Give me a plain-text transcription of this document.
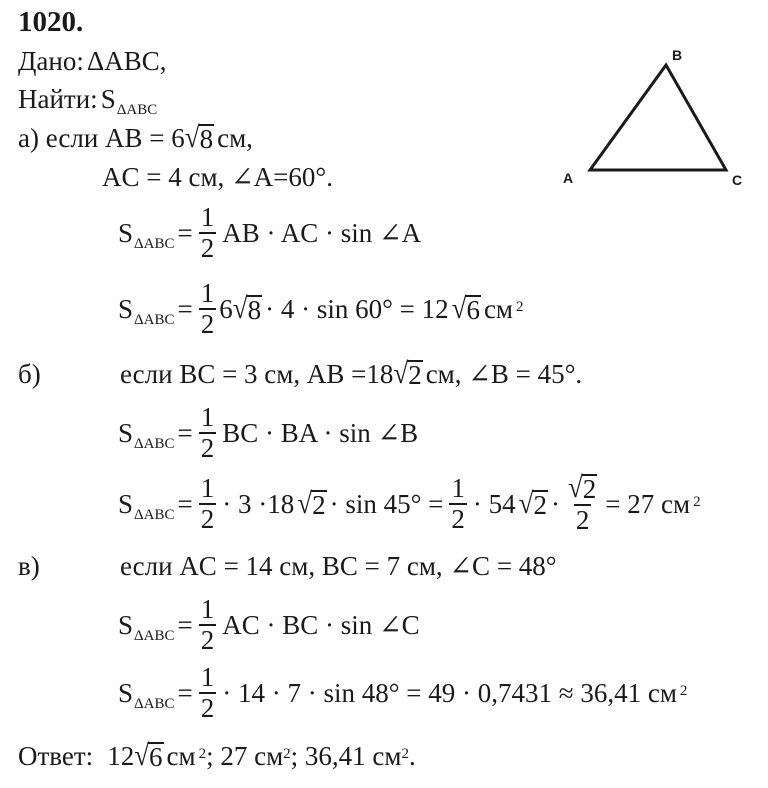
1020.
Дано: ΔABC,
Найти: $S_{\Delta ABC}$
а) если AB = 6 √ 8 см,
AC = 4 см, ∠A=60°.
$S_{\Delta ABC} = \frac{1}{2}$ AB · AC · sin ∠A
$S_{\Delta ABC} = \frac{1}{2} 6$ √ 8 · 4 · sin 60° = 12 √ 6 $см^2$
б)	если BC = 3 см, AB =18 √ 2 см, ∠B = 45°.
$S_{\Delta ABC} = \frac{1}{2}$ BC · BA · sin ∠B
$S_{\Delta ABC} = \frac{1}{2} \cdot 3 \cdot 18$ √ $2 \cdot \sin 45^\circ = \frac{1}{2} \cdot 54$ √ $2 \cdot \frac{√ 2}{2} = 27$ $см^2$
в)	если AC = 14 см, BC = 7 см, ∠C = 48°
$S_{\Delta ABC} = \frac{1}{2}$ AC · BC · sin ∠C
$S_{\Delta ABC} = \frac{1}{2} \cdot 14 \cdot 7 \cdot \sin 48^\circ = 49 \cdot 0,7431 \approx 36,41$ $см^2$
Ответ: 12 √ 6 $см^2$ ; 27 $см^2$ ; 36,41 $см^2$ .
A
B
C
